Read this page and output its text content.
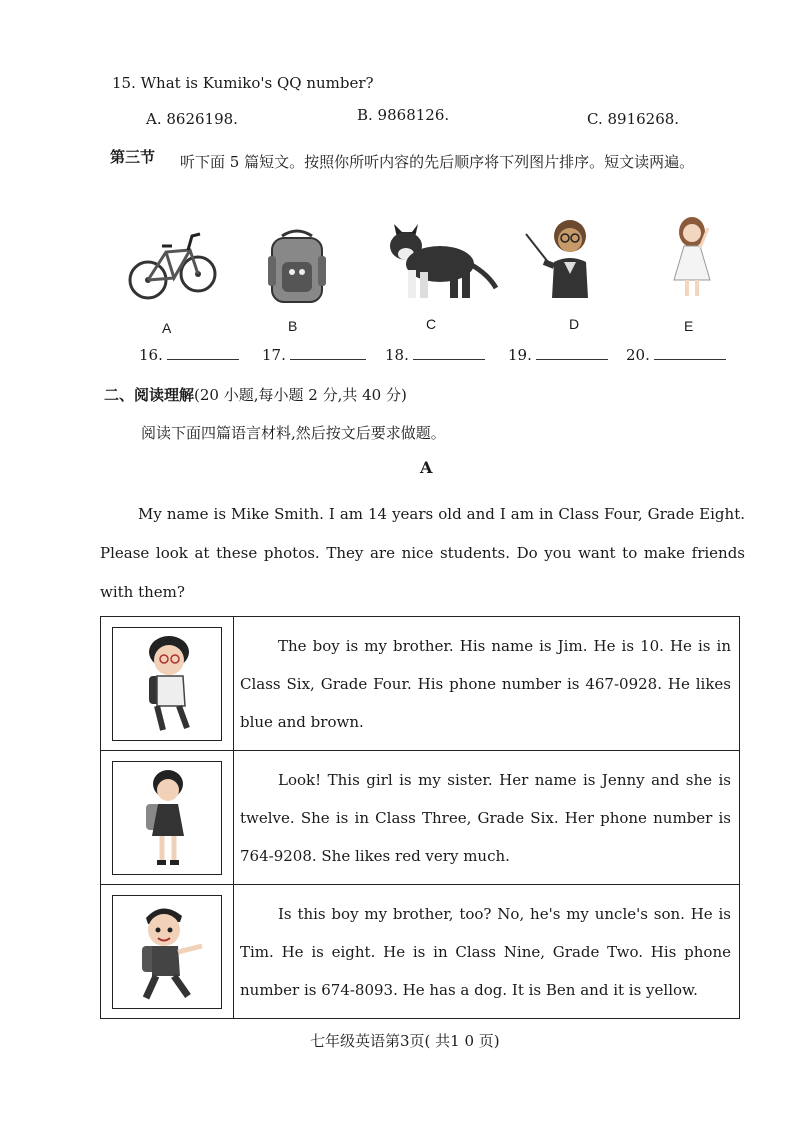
15. What is Kumiko's QQ number?
A. 8626198.	B. 9868126.	C. 8916268.
第三节 听下面 5 篇短文。按照你所听内容的先后顺序将下列图片排序。短文读两遍。
A	B	C	D	E
16.	17.	18.	19.	20.
二、阅读理解(20 小题,每小题 2 分,共 40 分)
阅读下面四篇语言材料,然后按文后要求做题。
A
My name is Mike Smith. I am 14 years old and I am in Class Four, Grade Eight. Please look at these photos. They are nice students. Do you want to make friends with them?
	The boy is my brother. His name is Jim. He is 10. He is in Class Six, Grade Four. His phone number is 467-0928. He likes blue and brown.

	Look! This girl is my sister. Her name is Jenny and she is twelve. She is in Class Three, Grade Six. Her phone number is 764-9208. She likes red very much.

	Is this boy my brother, too? No, he's my uncle's son. He is Tim. He is eight. He is in Class Nine, Grade Two. His phone number is 674-8093. He has a dog. It is Ben and it is yellow.
七年级英语第3页( 共1 0 页)
